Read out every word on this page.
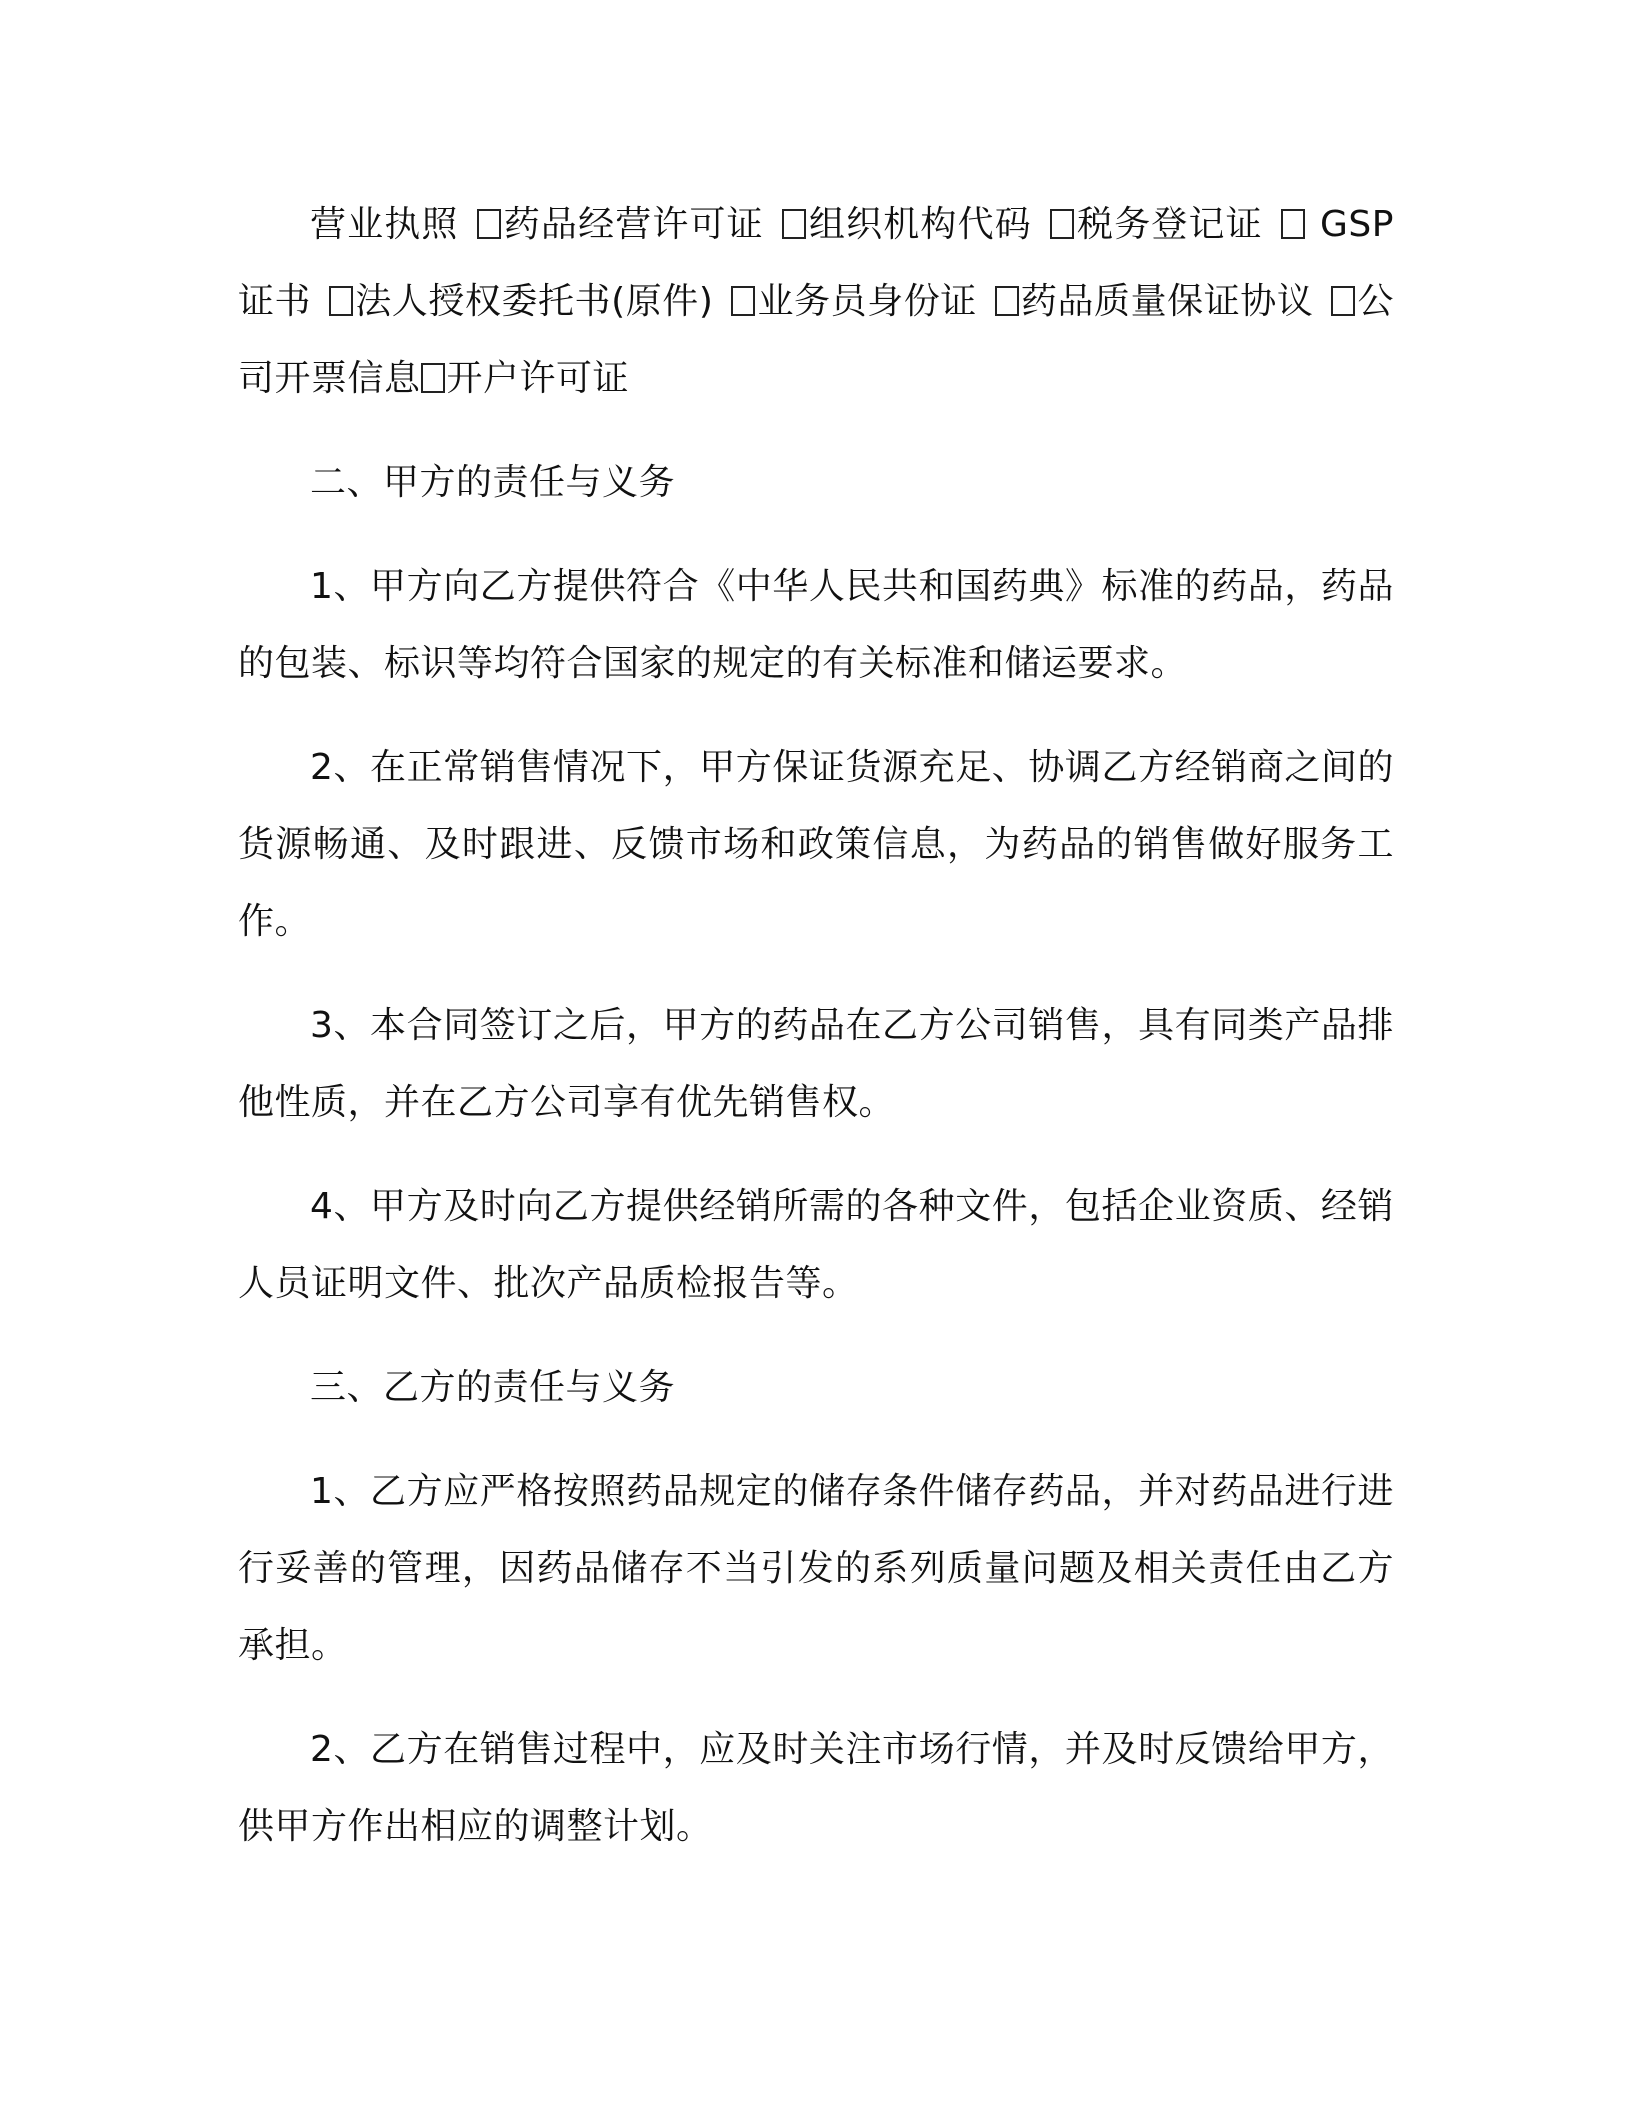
营业执照 药品经营许可证 组织机构代码 税务登记证 GSP 证书 法人授权委托书(原件) 业务员身份证 药品质量保证协议 公司开票信息 开户许可证

二、甲方的责任与义务

1、甲方向乙方提供符合《中华人民共和国药典》标准的药品，药品的包装、标识等均符合国家的规定的有关标准和储运要求。

2、在正常销售情况下，甲方保证货源充足、协调乙方经销商之间的货源畅通、及时跟进、反馈市场和政策信息，为药品的销售做好服务工作。

3、本合同签订之后，甲方的药品在乙方公司销售，具有同类产品排他性质，并在乙方公司享有优先销售权。

4、甲方及时向乙方提供经销所需的各种文件，包括企业资质、经销人员证明文件、批次产品质检报告等。

三、乙方的责任与义务

1、乙方应严格按照药品规定的储存条件储存药品，并对药品进行进行妥善的管理，因药品储存不当引发的系列质量问题及相关责任由乙方承担。

2、乙方在销售过程中，应及时关注市场行情，并及时反馈给甲方，供甲方作出相应的调整计划。
